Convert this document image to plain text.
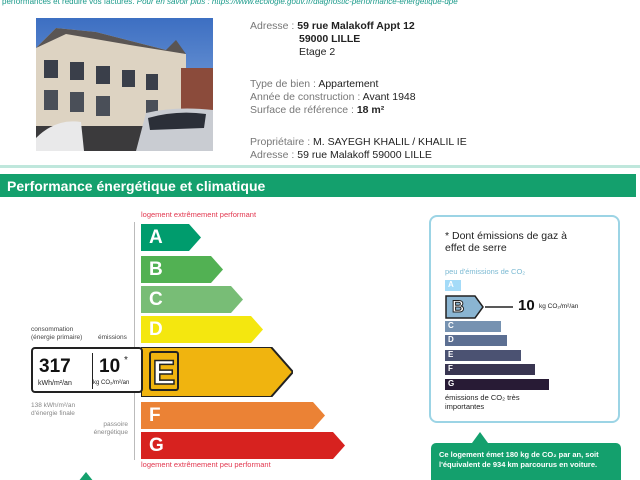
performances et réduire vos factures. Pour en savoir plus : https://www.ecologie.gouv.fr/diagnostic-performance-energetique-dpe
Adresse : 59 rue Malakoff Appt 12
59000 LILLE
Etage 2
Type de bien : Appartement
Année de construction : Avant 1948
Surface de référence : 18 m²
Propriétaire : M. SAYEGH KHALIL / KHALIL IE
Adresse : 59 rue Malakoff 59000 LILLE
Performance énergétique et climatique
logement extrêmement performant
A
B
C
D
E
F
G
logement extrêmement peu performant
consommation (énergie primaire)	émissions
317
kWh/m²/an
10 *
kg CO₂/m²/an
138 kWh/m²/an d'énergie finale
passoire énergétique
* Dont émissions de gaz à effet de serre
peu d'émissions de CO₂
A
B
C
D
E
F
G
10 kg CO₂/m²/an
émissions de CO₂ très importantes
Ce logement émet 180 kg de CO₂ par an, soit l'équivalent de 934 km parcourus en voiture.
